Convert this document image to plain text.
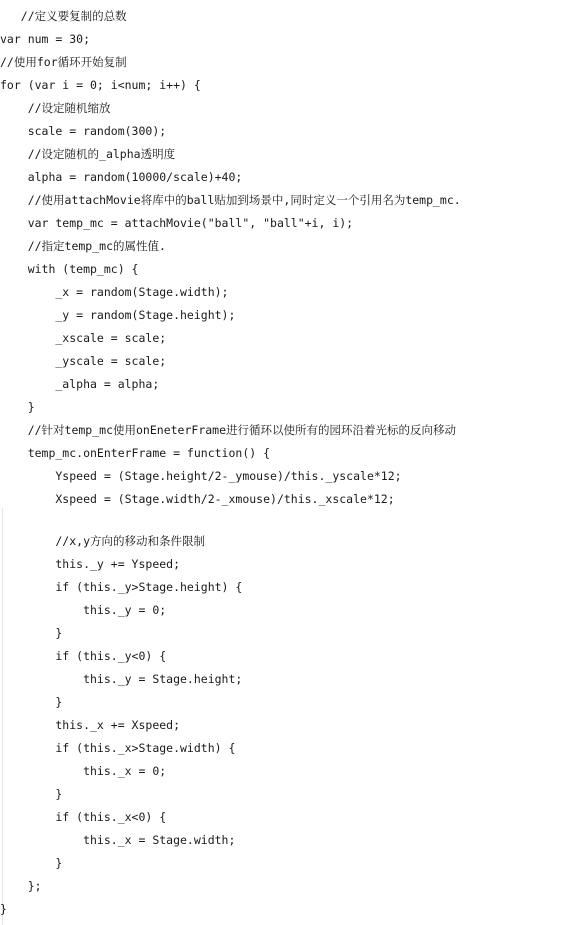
//定义要复制的总数
var num = 30;
//使用for循环开始复制
for (var i = 0; i<num; i++) {
//设定随机缩放
scale = random(300);
//设定随机的_alpha透明度
alpha = random(10000/scale)+40;
//使用attachMovie将库中的ball贴加到场景中,同时定义一个引用名为temp_mc.
var temp_mc = attachMovie("ball", "ball"+i, i);
//指定temp_mc的属性值.
with (temp_mc) {
_x = random(Stage.width);
_y = random(Stage.height);
_xscale = scale;
_yscale = scale;
_alpha = alpha;
}
//针对temp_mc使用onEneterFrame进行循环以使所有的园环沿着光标的反向移动
temp_mc.onEnterFrame = function() {
Yspeed = (Stage.height/2-_ymouse)/this._yscale*12;
Xspeed = (Stage.width/2-_xmouse)/this._xscale*12;
//x,y方向的移动和条件限制
this._y += Yspeed;
if (this._y>Stage.height) {
this._y = 0;
}
if (this._y<0) {
this._y = Stage.height;
}
this._x += Xspeed;
if (this._x>Stage.width) {
this._x = 0;
}
if (this._x<0) {
this._x = Stage.width;
}
};
}
